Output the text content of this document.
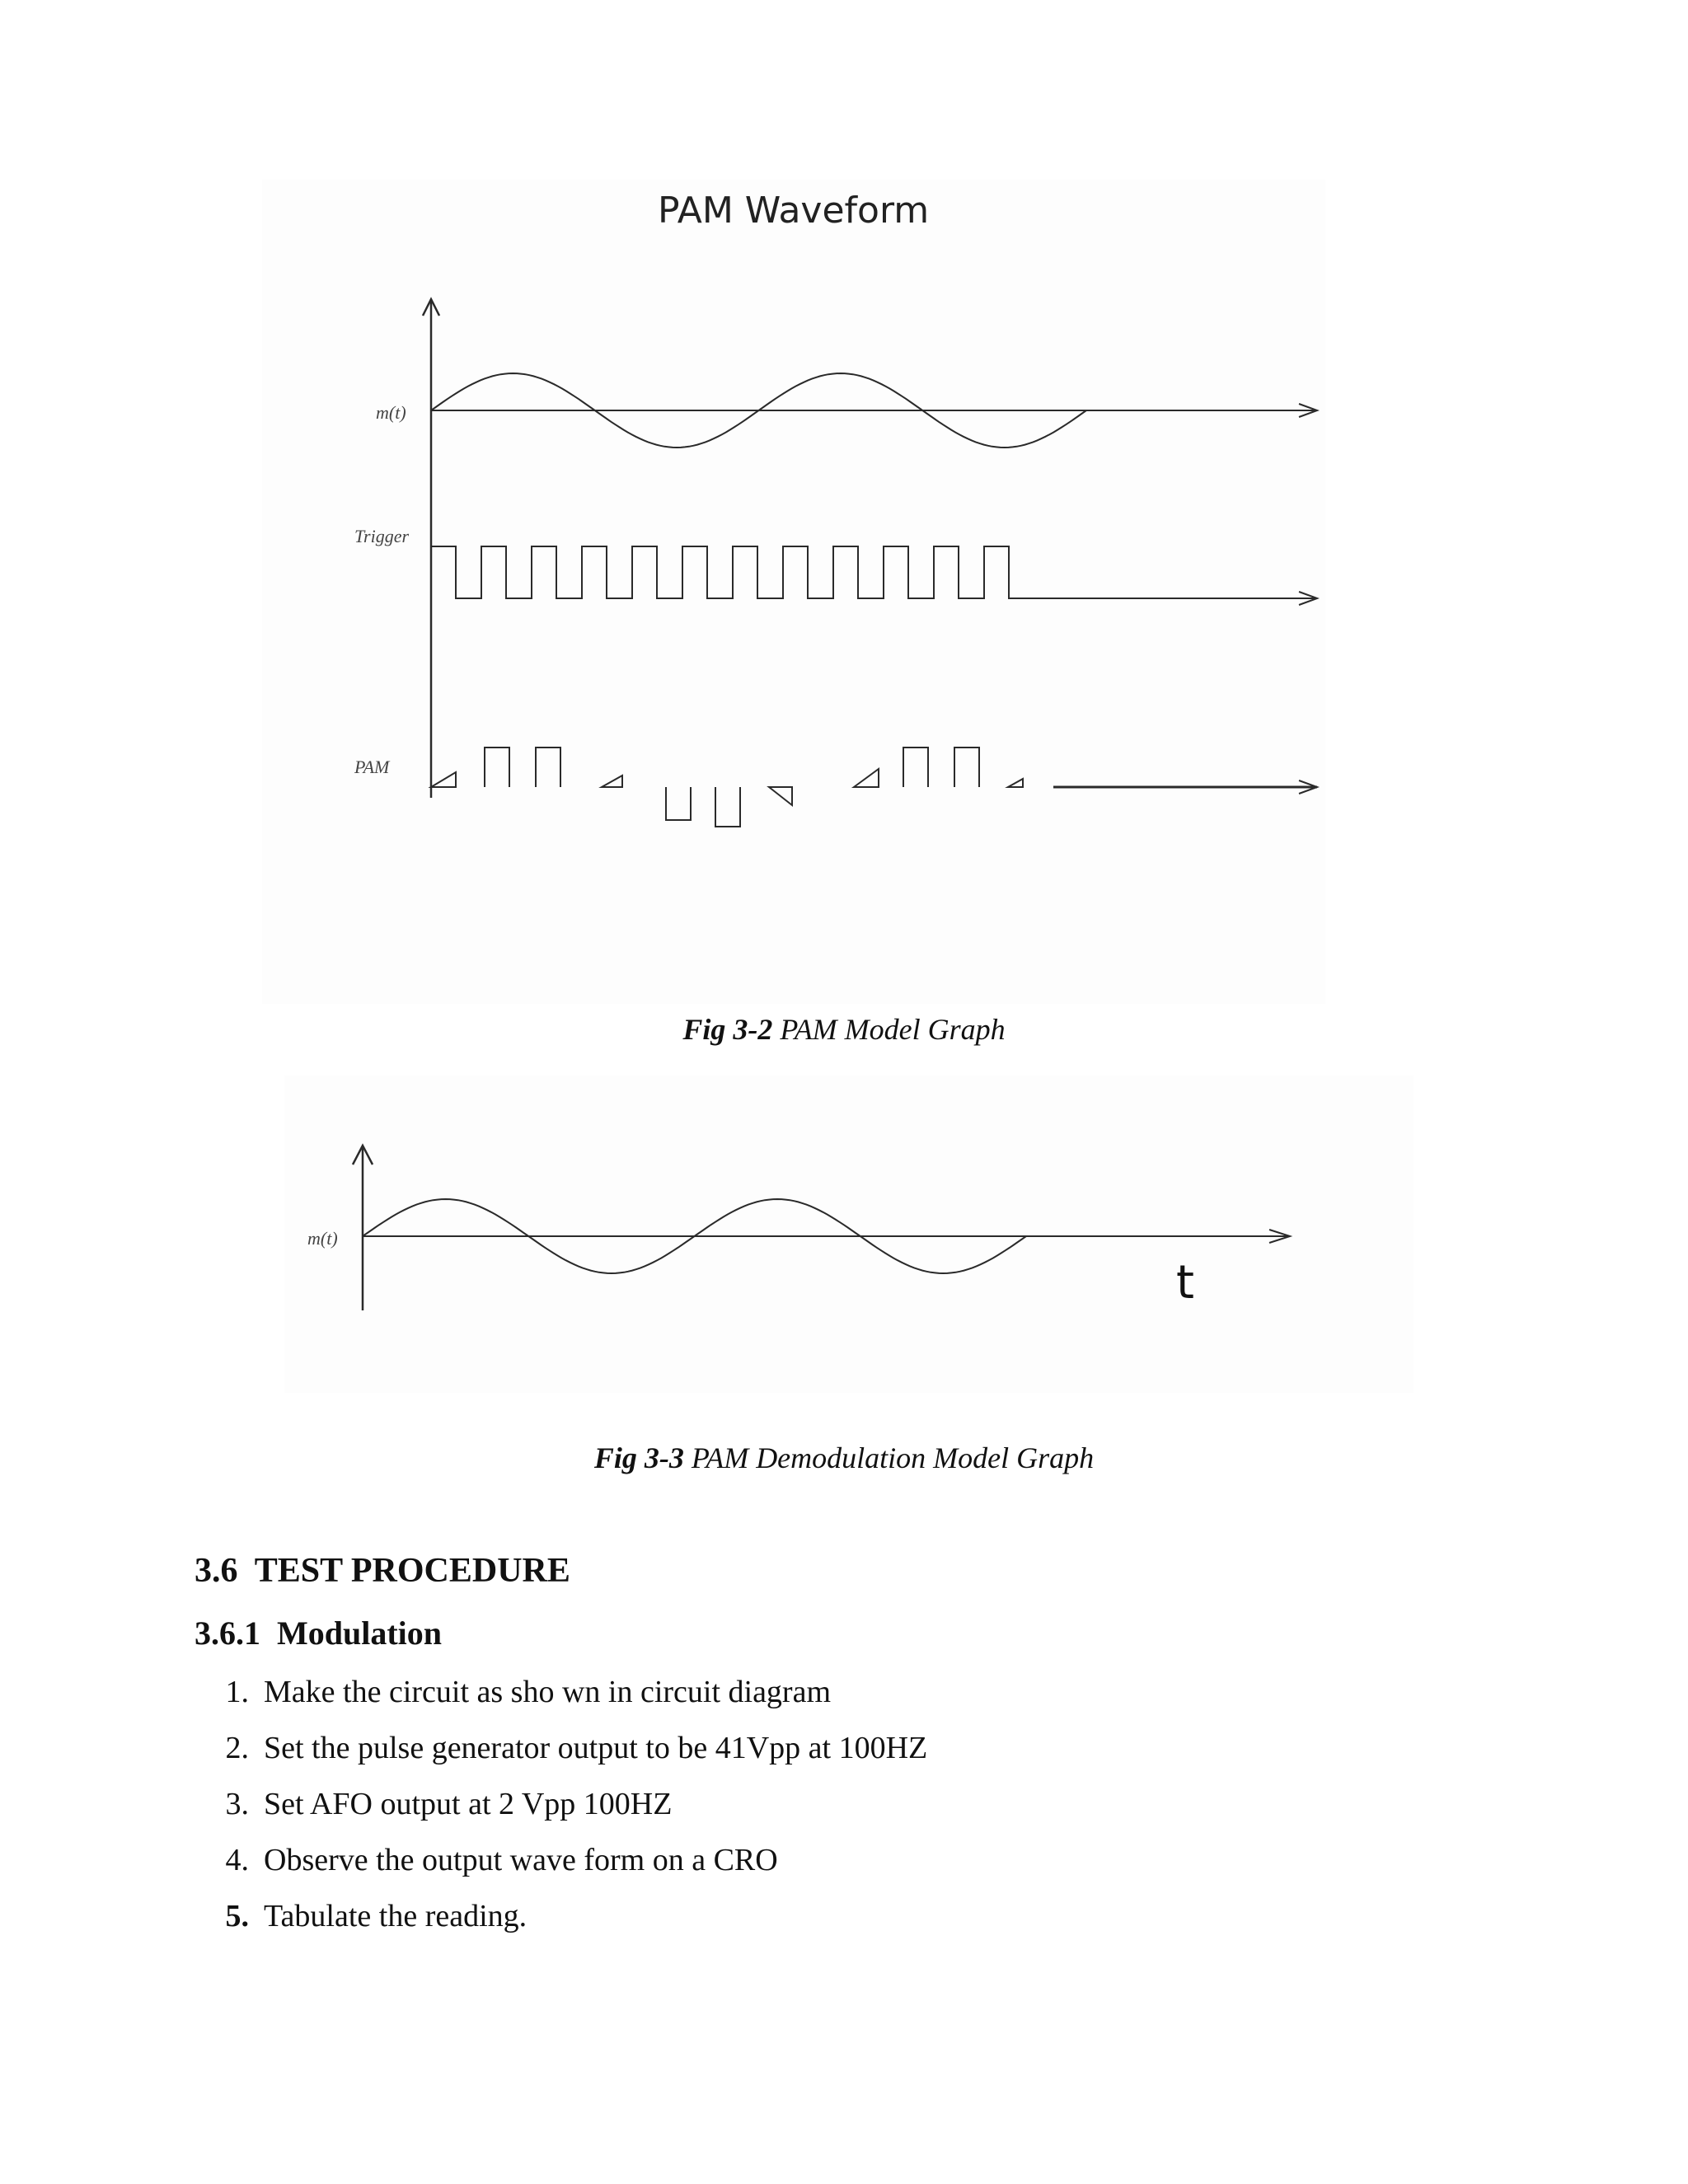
PAM Waveform
m(t)
Trigger
PAM
Fig 3-2 PAM Model Graph
m(t)
t
Fig 3-3 PAM Demodulation Model Graph
3.6 TEST PROCEDURE
3.6.1 Modulation
1. Make the circuit as sho wn in circuit diagram
2. Set the pulse generator output to be 41Vpp at 100HZ
3. Set AFO output at 2 Vpp 100HZ
4. Observe the output wave form on a CRO
5. Tabulate the reading.
